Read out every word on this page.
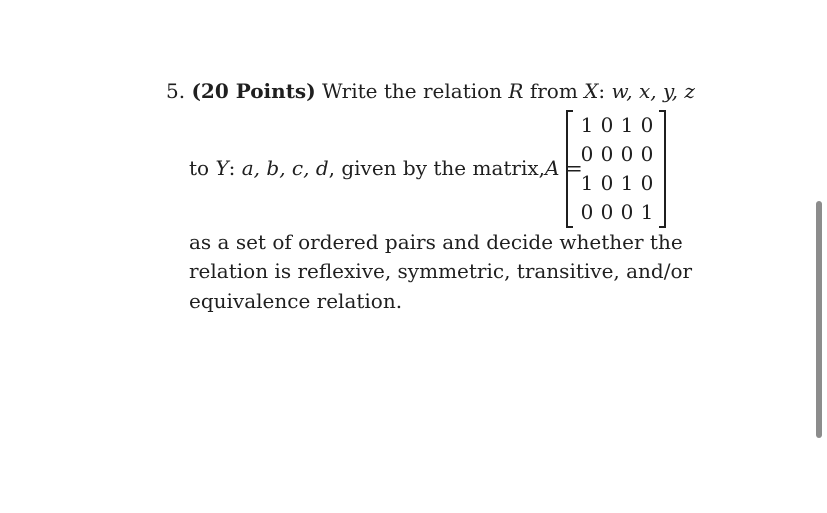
5. (20 Points) Write the relation R from X: w, x, y, z
to Y: a, b, c, d, given by the matrix,A =
1 0 1 0
0 0 0 0
1 0 1 0
0 0 0 1
as a set of ordered pairs and decide whether the
relation is reflexive, symmetric, transitive, and/or
equivalence relation.
